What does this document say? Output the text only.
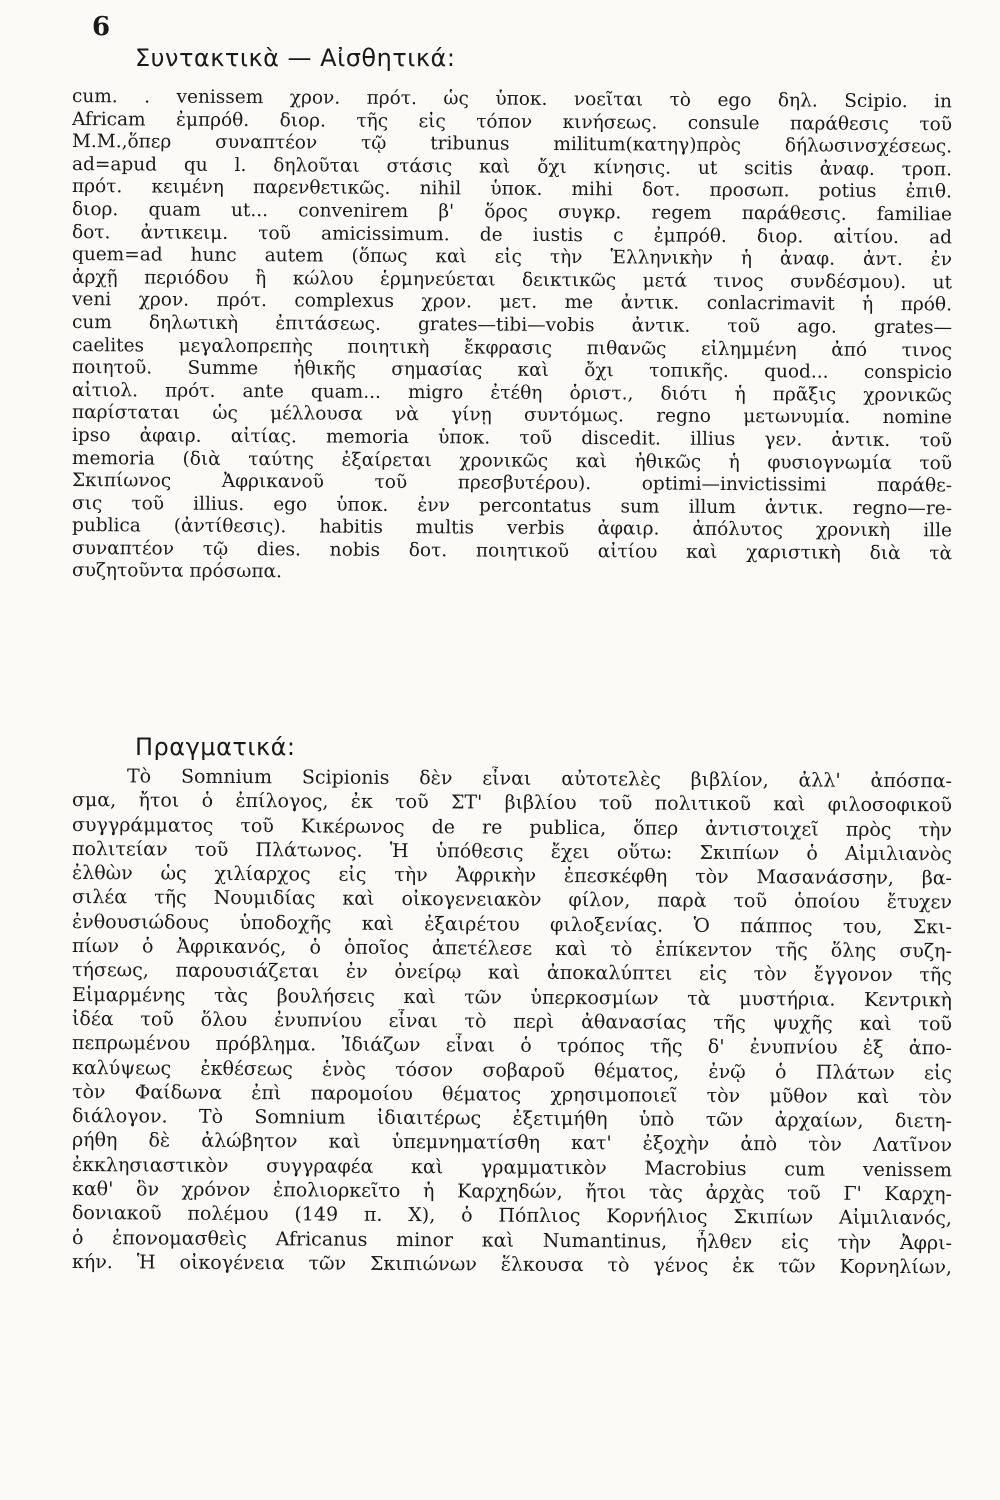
6
Συντακτικὰ — Αἰσθητικά:
cum. . venissem χρον. πρότ. ὡς ὑποκ. νοεῖται τὸ ego δηλ. Scipio. in
Africam ἐμπρόθ. διορ. τῆς εἰς τόπον κινήσεως. consule παράθεσις τοῦ
M.M.,ὅπερ συναπτέον τῷ tribunus militum(κατηγ)πρὸς δήλωσινσχέσεως.
ad=apud qu l. δηλοῦται στάσις καὶ ὄχι κίνησις. ut scitis ἀναφ. τροπ.
πρότ. κειμένη παρενθετικῶς. nihil ὑποκ. mihi δοτ. προσωπ. potius ἐπιθ.
διορ. quam ut... convenirem β' ὅρος συγκρ. regem παράθεσις. familiae
δοτ. ἀντικειμ. τοῦ amicissimum. de iustis c ἐμπρόθ. διορ. αἰτίου. ad
quem=ad hunc autem (ὅπως καὶ εἰς τὴν Ἑλληνικὴν ἡ ἀναφ. ἀντ. ἐν
ἀρχῇ περιόδου ἢ κώλου ἑρμηνεύεται δεικτικῶς μετά τινος συνδέσμου). ut
veni χρον. πρότ. complexus χρον. μετ. me ἀντικ. conlacrimavit ἡ πρόθ.
cum δηλωτικὴ ἐπιτάσεως. grates—tibi—vobis ἀντικ. τοῦ ago. grates—
caelites μεγαλοπρεπὴς ποιητικὴ ἔκφρασις πιθανῶς εἰλημμένη ἀπό τινος
ποιητοῦ. Summe ἠθικῆς σημασίας καὶ ὄχι τοπικῆς. quod... conspicio
αἰτιολ. πρότ. ante quam... migro ἐτέθη ὁριστ., διότι ἡ πρᾶξις χρονικῶς
παρίσταται ὡς μέλλουσα νὰ γίνῃ συντόμως. regno μετωνυμία. nomine
ipso ἀφαιρ. αἰτίας. memoria ὑποκ. τοῦ discedit. illius γεν. ἀντικ. τοῦ
memoria (διὰ ταύτης ἐξαίρεται χρονικῶς καὶ ἠθικῶς ἡ φυσιογνωμία τοῦ
Σκιπίωνος Ἀφρικανοῦ τοῦ πρεσβυτέρου). optimi—invictissimi παράθε-
σις τοῦ illius. ego ὑποκ. ἐνν percontatus sum illum ἀντικ. regno—re-
publica (ἀντίθεσις). habitis multis verbis ἀφαιρ. ἀπόλυτος χρονικὴ ille
συναπτέον τῷ dies. nobis δοτ. ποιητικοῦ αἰτίου καὶ χαριστικὴ διὰ τὰ
συζητοῦντα πρόσωπα.
Πραγματικά:
Τὸ Somnium Scipionis δὲν εἶναι αὐτοτελὲς βιβλίον, ἀλλ' ἀπόσπα-
σμα, ἤτοι ὁ ἐπίλογος, ἐκ τοῦ ΣΤ' βιβλίου τοῦ πολιτικοῦ καὶ φιλοσοφικοῦ
συγγράμματος τοῦ Κικέρωνος de re publica, ὅπερ ἀντιστοιχεῖ πρὸς τὴν
πολιτείαν τοῦ Πλάτωνος. Ἡ ὑπόθεσις ἔχει οὕτω: Σκιπίων ὁ Αἰμιλιανὸς
ἐλθὼν ὡς χιλίαρχος εἰς τὴν Ἀφρικὴν ἐπεσκέφθη τὸν Μασανάσσην, βα-
σιλέα τῆς Νουμιδίας καὶ οἰκογενειακὸν φίλον, παρὰ τοῦ ὁποίου ἔτυχεν
ἐνθουσιώδους ὑποδοχῆς καὶ ἐξαιρέτου φιλοξενίας. Ὁ πάππος του, Σκι-
πίων ὁ Ἀφρικανός, ὁ ὁποῖος ἀπετέλεσε καὶ τὸ ἐπίκεντον τῆς ὅλης συζη-
τήσεως, παρουσιάζεται ἐν ὀνείρῳ καὶ ἀποκαλύπτει εἰς τὸν ἔγγονον τῆς
Εἱμαρμένης τὰς βουλήσεις καὶ τῶν ὑπερκοσμίων τὰ μυστήρια. Κεντρικὴ
ἰδέα τοῦ ὅλου ἐνυπνίου εἶναι τὸ περὶ ἀθανασίας τῆς ψυχῆς καὶ τοῦ
πεπρωμένου πρόβλημα. Ἰδιάζων εἶναι ὁ τρόπος τῆς δ' ἐνυπνίου ἐξ ἀπο-
καλύψεως ἐκθέσεως ἑνὸς τόσον σοβαροῦ θέματος, ἐνῷ ὁ Πλάτων εἰς
τὸν Φαίδωνα ἐπὶ παρομοίου θέματος χρησιμοποιεῖ τὸν μῦθον καὶ τὸν
διάλογον. Τὸ Somnium ἰδιαιτέρως ἐξετιμήθη ὑπὸ τῶν ἀρχαίων, διετη-
ρήθη δὲ ἀλώβητον καὶ ὑπεμνηματίσθη κατ' ἐξοχὴν ἀπὸ τὸν Λατῖνον
ἐκκλησιαστικὸν συγγραφέα καὶ γραμματικὸν Macrobius cum venissem
καθ' ὃν χρόνον ἐπολιορκεῖτο ἡ Καρχηδών, ἤτοι τὰς ἀρχὰς τοῦ Γ' Καρχη-
δονιακοῦ πολέμου (149 π. Χ), ὁ Πόπλιος Κορνήλιος Σκιπίων Αἰμιλιανός,
ὁ ἐπονομασθεὶς Africanus minor καὶ Numantinus, ἦλθεν εἰς τὴν Ἀφρι-
κήν. Ἡ οἰκογένεια τῶν Σκιπιώνων ἕλκουσα τὸ γένος ἐκ τῶν Κορνηλίων,
